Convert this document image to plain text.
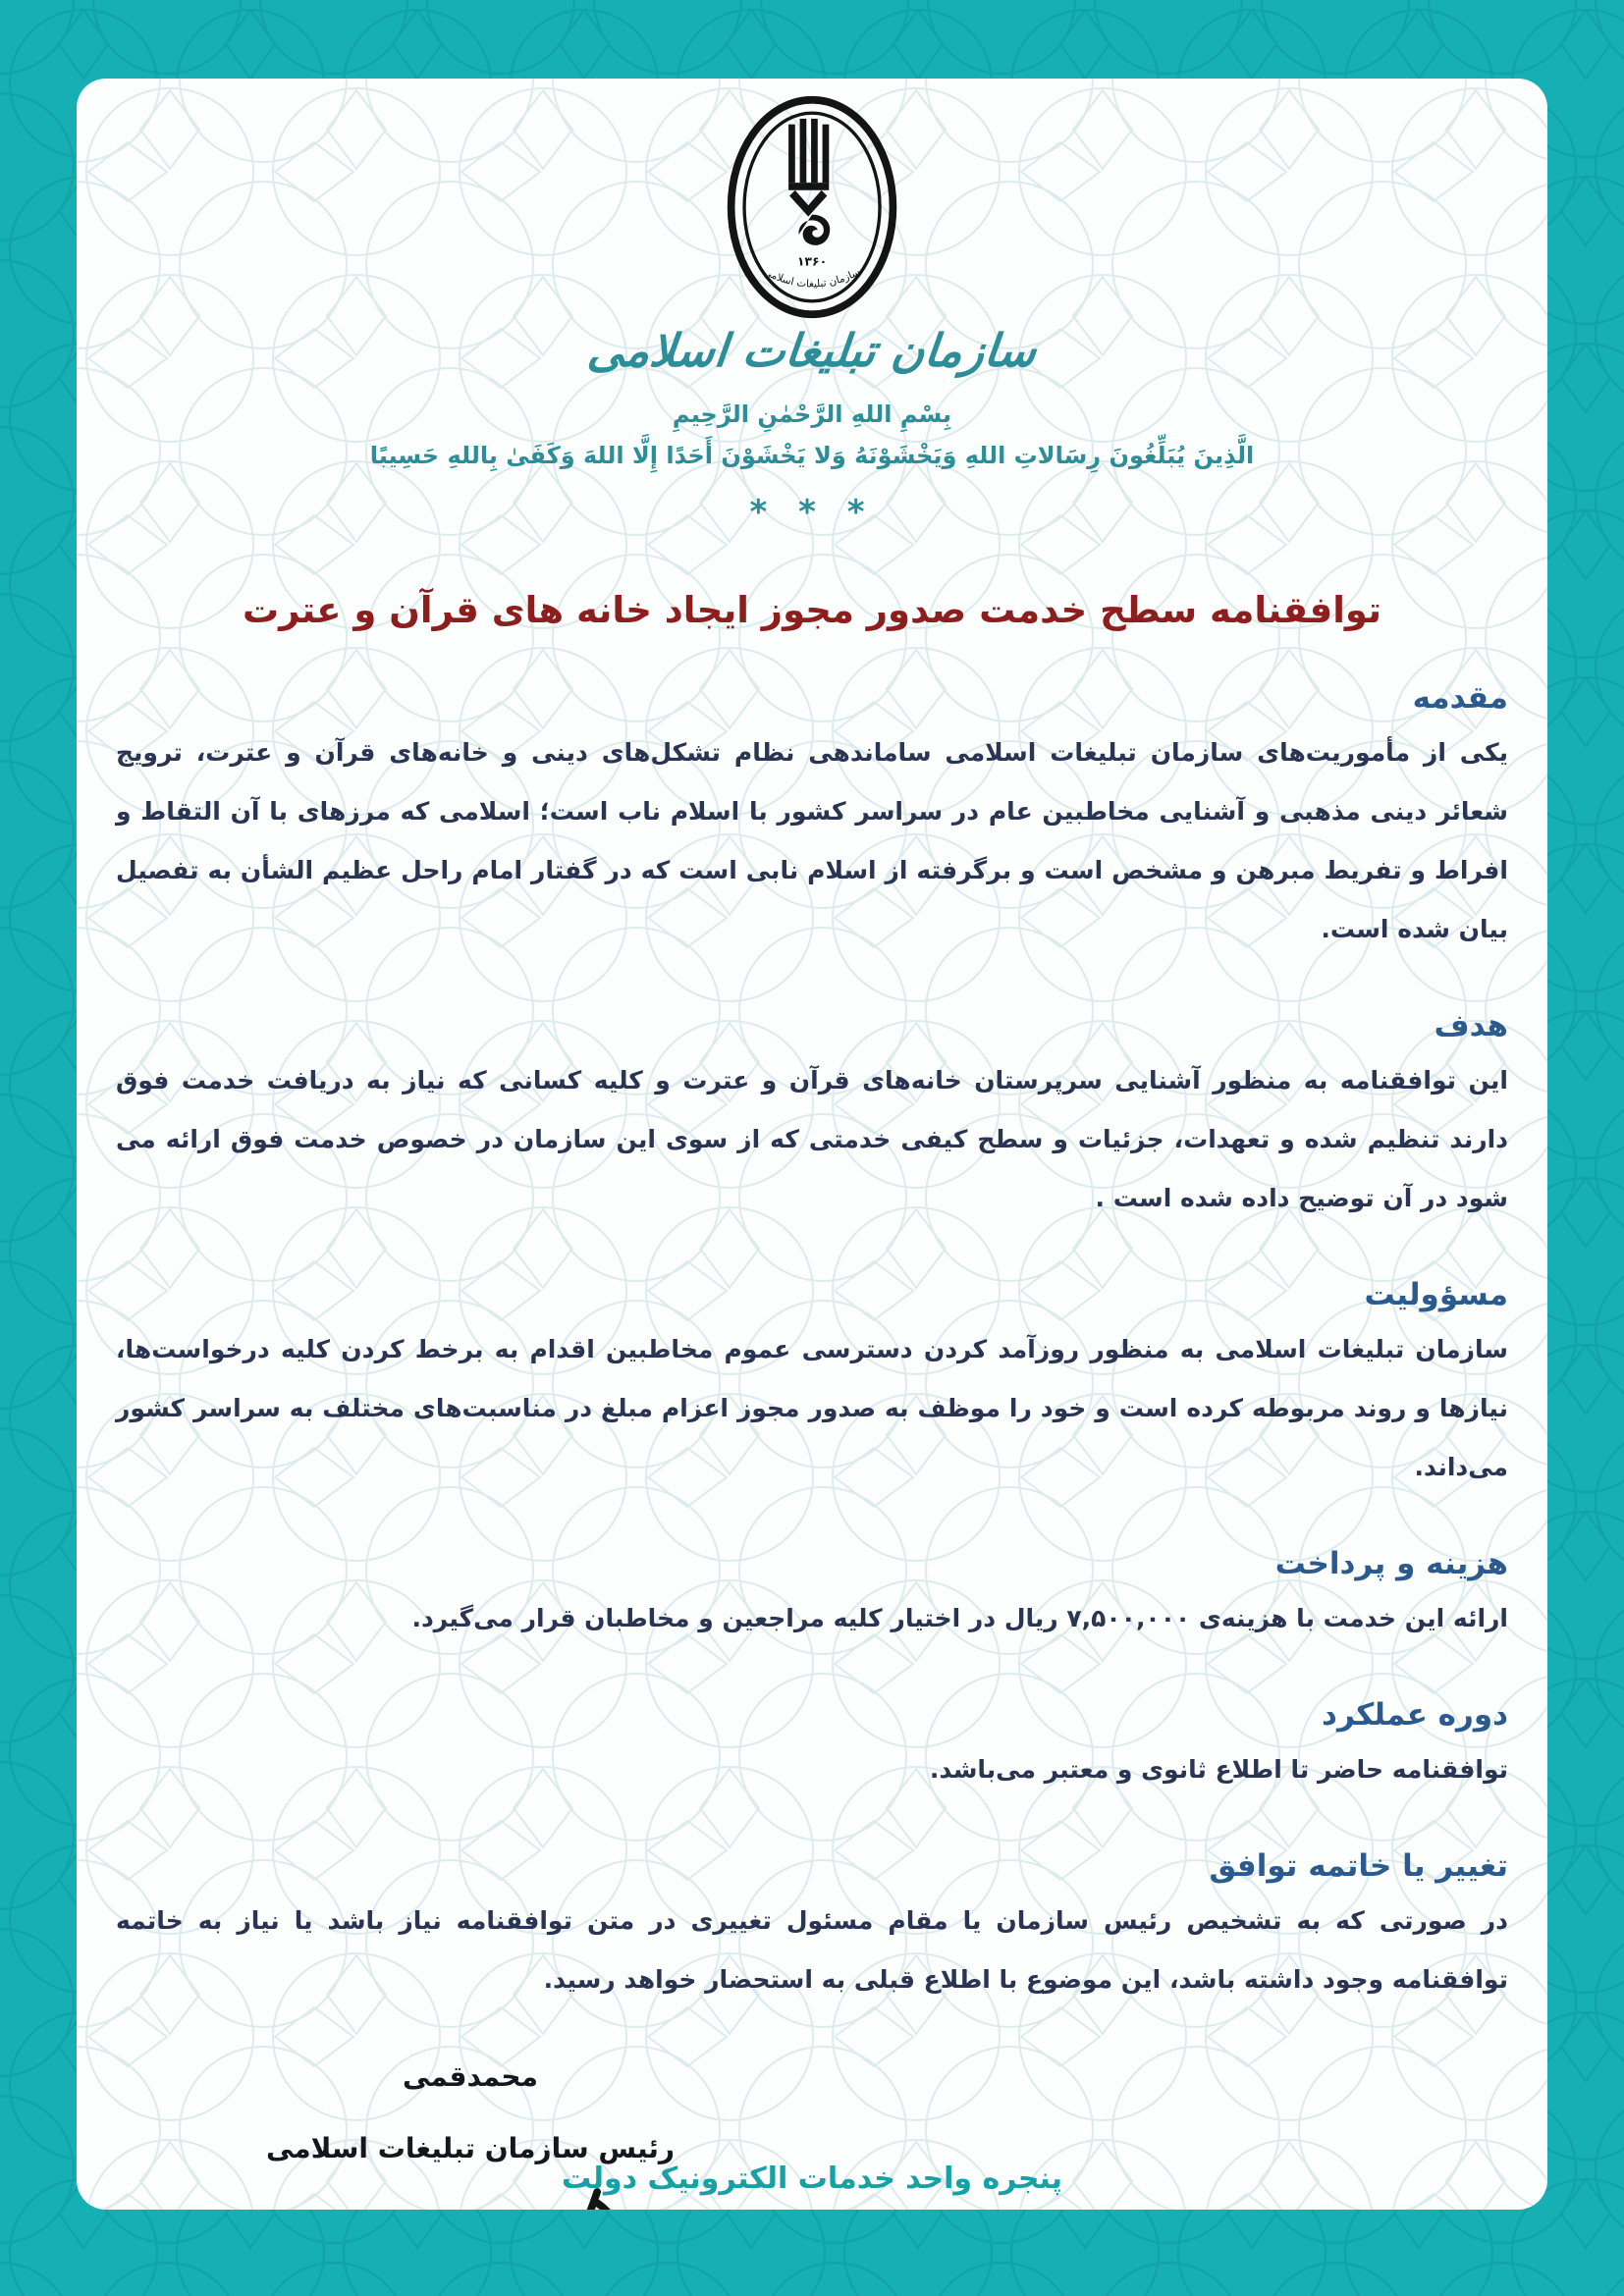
۱۳۶۰
سازمان تبلیغات اسلامی
سازمان تبلیغات اسلامی
بِسْمِ اللهِ الرَّحْمٰنِ الرَّحِيمِ
الَّذِينَ يُبَلِّغُونَ رِسَالاتِ اللهِ وَيَخْشَوْنَهُ وَلا يَخْشَوْنَ أَحَدًا إِلَّا اللهَ وَكَفَىٰ بِاللهِ حَسِيبًا
* * *
توافقنامه سطح خدمت صدور مجوز ایجاد خانه های قرآن و عترت
مقدمه

یکی از مأموریت‌های سازمان تبلیغات اسلامی ساماندهی نظام تشکل‌های دینی و خانه‌های قرآن و عترت، ترویج شعائر دینی مذهبی و آشنایی مخاطبین عام در سراسر کشور با اسلام ناب است؛ اسلامی که مرزهای با آن التقاط و افراط و تفریط مبرهن و مشخص است و برگرفته از اسلام نابی است که در گفتار امام راحل عظیم الشأن به تفصیل بیان شده است.

هدف

این توافقنامه به منظور آشنایی سرپرستان خانه‌های قرآن و عترت و کلیه کسانی که نیاز به دریافت خدمت فوق دارند تنظیم شده و تعهدات، جزئیات و سطح کیفی خدمتی که از سوی این سازمان در خصوص خدمت فوق ارائه می شود در آن توضیح داده شده است .

مسؤولیت

سازمان تبلیغات اسلامی به منظور روزآمد کردن دسترسی عموم مخاطبین اقدام به برخط کردن کلیه درخواست‌ها، نیازها و روند مربوطه کرده است و خود را موظف به صدور مجوز اعزام مبلغ در مناسبت‌های مختلف به سراسر کشور می‌داند.

هزینه و پرداخت

ارائه این خدمت با هزینه‌ی ۷,۵۰۰,۰۰۰ ریال در اختیار کلیه مراجعین و مخاطبان قرار می‌گیرد.

دوره عملکرد

توافقنامه حاضر تا اطلاع ثانوی و معتبر می‌باشد.

تغییر یا خاتمه توافق

در صورتی که به تشخیص رئیس سازمان یا مقام مسئول تغییری در متن توافقنامه نیاز باشد یا نیاز به خاتمه توافقنامه وجود داشته باشد، این موضوع با اطلاع قبلی به استحضار خواهد رسید.

محمدقمی
رئیس سازمان تبلیغات اسلامی
پنجره واحد خدمات الکترونیک دولت
